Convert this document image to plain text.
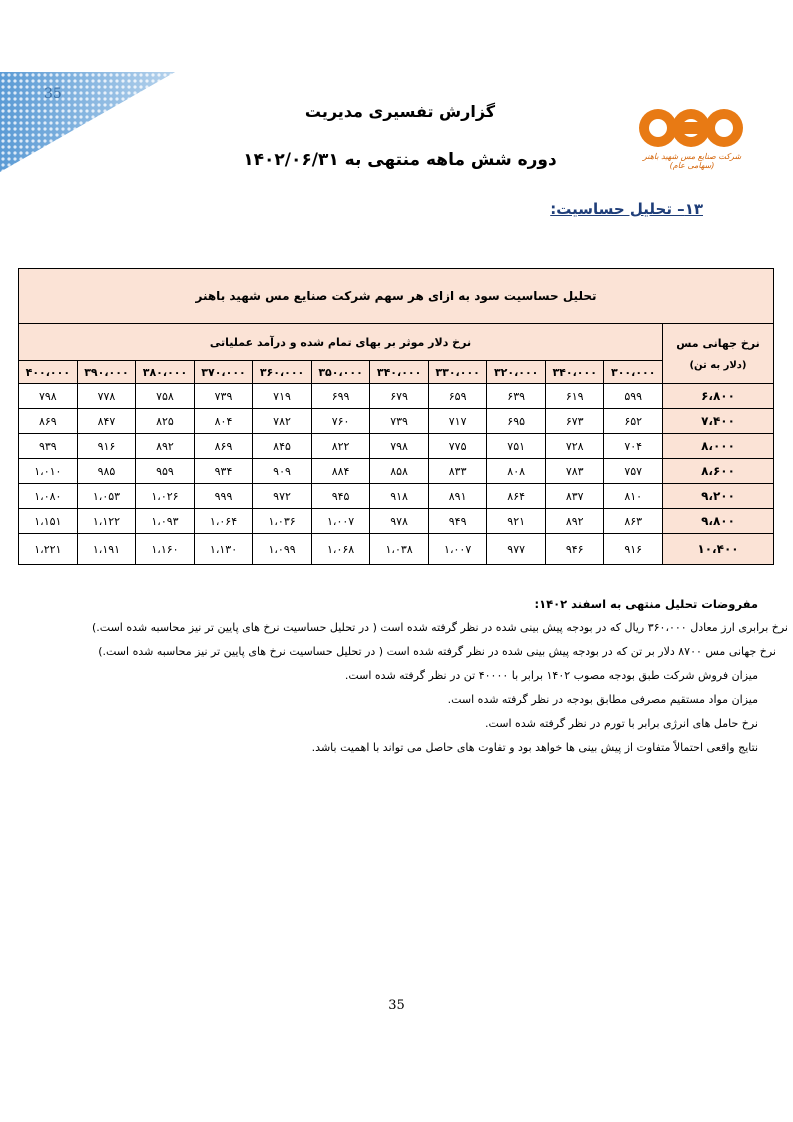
35
شرکت صنایع مس شهید باهنر (سهامی عام)
گزارش تفسیری مدیریت
دوره شش ماهه منتهی به ۱۴۰۲/۰۶/۳۱
۱۳– تحلیل حساسیت:
تحلیل حساسیت سود به ازای هر سهم شرکت صنایع مس شهید باهنر											

نرخ جهانی مس
(دلار به تن)	نرخ دلار موثر بر بهای تمام شده و درآمد عملیاتی										
	۳۰۰،۰۰۰	۳۴۰،۰۰۰	۳۲۰،۰۰۰	۳۳۰،۰۰۰	۳۴۰،۰۰۰	۳۵۰،۰۰۰	۳۶۰،۰۰۰	۳۷۰،۰۰۰	۳۸۰،۰۰۰	۳۹۰،۰۰۰	۴۰۰،۰۰۰
۶،۸۰۰	۵۹۹	۶۱۹	۶۳۹	۶۵۹	۶۷۹	۶۹۹	۷۱۹	۷۳۹	۷۵۸	۷۷۸	۷۹۸
۷،۴۰۰	۶۵۲	۶۷۳	۶۹۵	۷۱۷	۷۳۹	۷۶۰	۷۸۲	۸۰۴	۸۲۵	۸۴۷	۸۶۹
۸،۰۰۰	۷۰۴	۷۲۸	۷۵۱	۷۷۵	۷۹۸	۸۲۲	۸۴۵	۸۶۹	۸۹۲	۹۱۶	۹۳۹
۸،۶۰۰	۷۵۷	۷۸۳	۸۰۸	۸۳۳	۸۵۸	۸۸۴	۹۰۹	۹۳۴	۹۵۹	۹۸۵	۱،۰۱۰
۹،۲۰۰	۸۱۰	۸۳۷	۸۶۴	۸۹۱	۹۱۸	۹۴۵	۹۷۲	۹۹۹	۱،۰۲۶	۱،۰۵۳	۱،۰۸۰
۹،۸۰۰	۸۶۳	۸۹۲	۹۲۱	۹۴۹	۹۷۸	۱،۰۰۷	۱،۰۳۶	۱،۰۶۴	۱،۰۹۳	۱،۱۲۲	۱،۱۵۱
۱۰،۴۰۰	۹۱۶	۹۴۶	۹۷۷	۱،۰۰۷	۱،۰۳۸	۱،۰۶۸	۱،۰۹۹	۱،۱۳۰	۱،۱۶۰	۱،۱۹۱	۱،۲۲۱
مفروضات تحلیل منتهی به اسفند ۱۴۰۲:
نرخ برابری ارز معادل ۳۶۰،۰۰۰ ریال که در بودجه پیش بینی شده در نظر گرفته شده است ( در تحلیل حساسیت نرخ های پایین تر نیز محاسبه شده است.)
نرخ جهانی مس ۸۷۰۰ دلار بر تن که در بودجه پیش بینی شده در نظر گرفته شده است ( در تحلیل حساسیت نرخ های پایین تر نیز محاسبه شده است.)
میزان فروش شرکت طبق بودجه مصوب ۱۴۰۲ برابر با ۴۰۰۰۰ تن در نظر گرفته شده است.
میزان مواد مستقیم مصرفی مطابق بودجه در نظر گرفته شده است.
نرخ حامل های انرژی برابر با تورم در نظر گرفته شده است.
نتایج واقعی احتمالاً متفاوت از پیش بینی ها خواهد بود و تفاوت های حاصل می تواند با اهمیت باشد.
35
